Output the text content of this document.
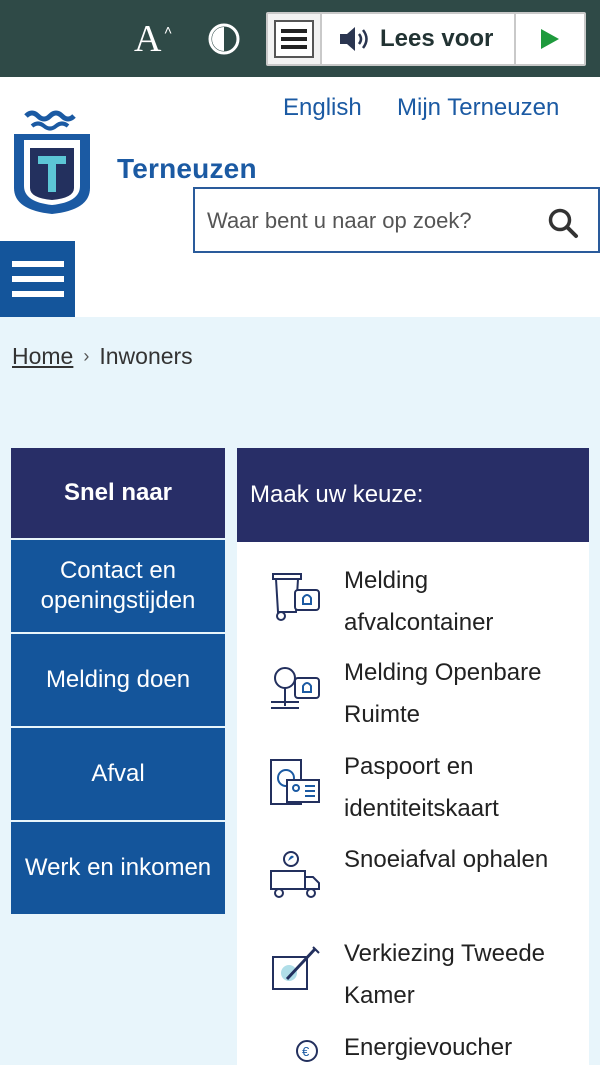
A ˄	Lees voor
Terneuzen
English Mijn Terneuzen
Waar bent u naar op zoek?
Home › Inwoners
Snel naar
Contact en openingstijden
Melding doen
Afval
Werk en inkomen
Maak uw keuze:
Melding afvalcontainer
Melding Openbare Ruimte
Paspoort en identiteitskaart
Snoeiafval ophalen
Verkiezing Tweede Kamer
€ Energievoucher
